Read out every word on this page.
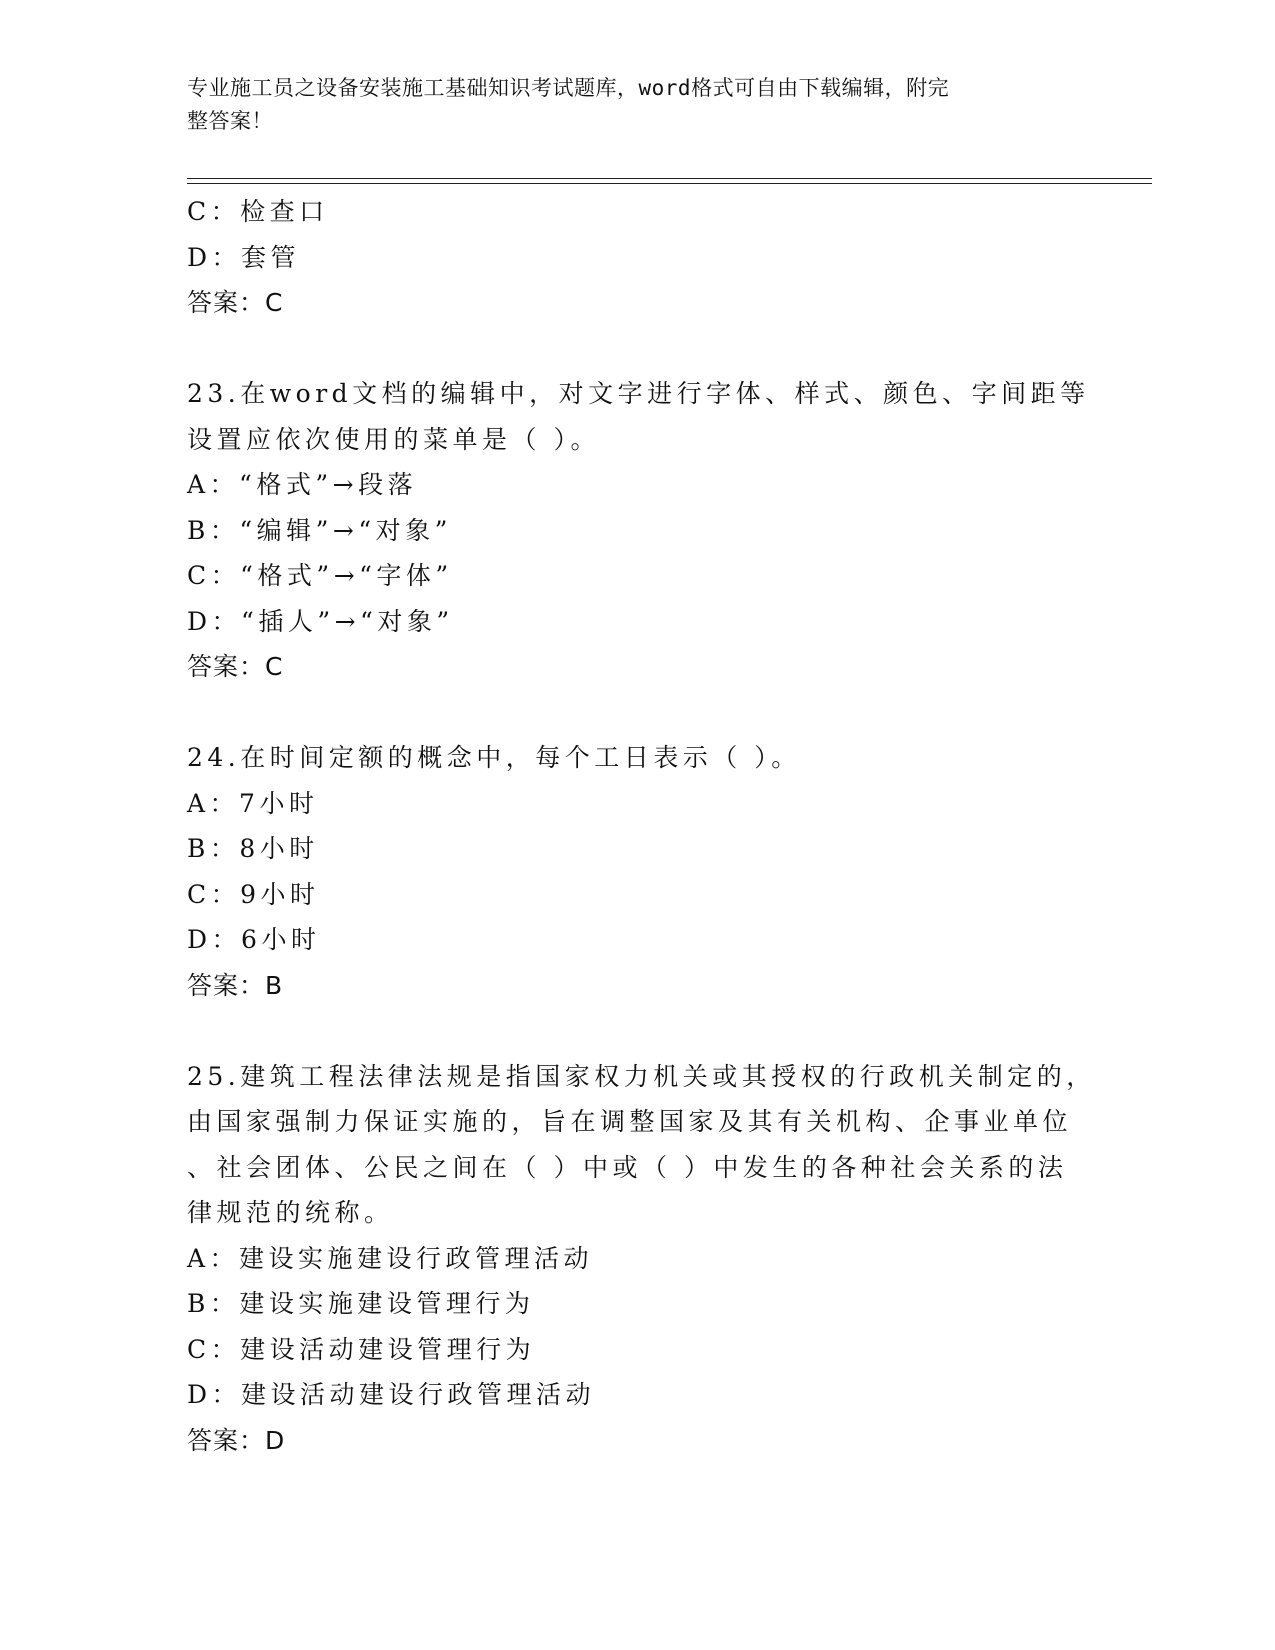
专业施工员之设备安装施工基础知识考试题库，word格式可自由下载编辑，附完
整答案！
C：检查口
D：套管
答案：C
23.在word文档的编辑中，对文字进行字体、样式、颜色、字间距等
设置应依次使用的菜单是（ ）。
A：“格式”→段落
B：“编辑”→“对象”
C：“格式”→“字体”
D：“插人”→“对象”
答案：C
24.在时间定额的概念中，每个工日表示（ ）。
A：7小时
B：8小时
C：9小时
D：6小时
答案：B
25.建筑工程法律法规是指国家权力机关或其授权的行政机关制定的，
由国家强制力保证实施的，旨在调整国家及其有关机构、企事业单位
、社会团体、公民之间在（ ）中或（ ）中发生的各种社会关系的法
律规范的统称。
A：建设实施建设行政管理活动
B：建设实施建设管理行为
C：建设活动建设管理行为
D：建设活动建设行政管理活动
答案：D
